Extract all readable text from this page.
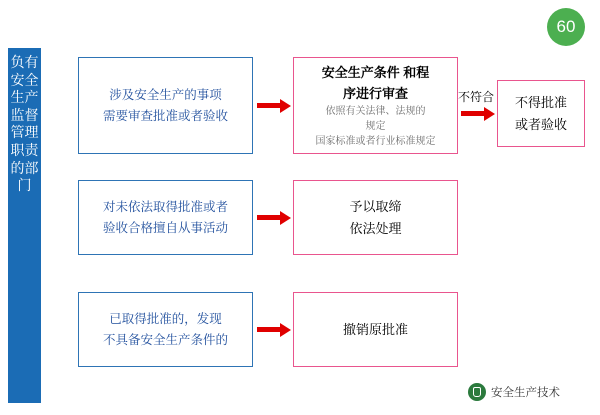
60
负有安全生产监督管理职责的部门
涉及安全生产的事项
需要审查批准或者验收
对未依法取得批准或者
验收合格擅自从事活动
已取得批准的，发现
不具备安全生产条件的
安全生产条件 和程
序进行审查
依照有关法律、法规的
规定
国家标准或者行业标准规定
不得批准
或者验收
予以取缔
依法处理
撤销原批准
不符合
安全生产技术
